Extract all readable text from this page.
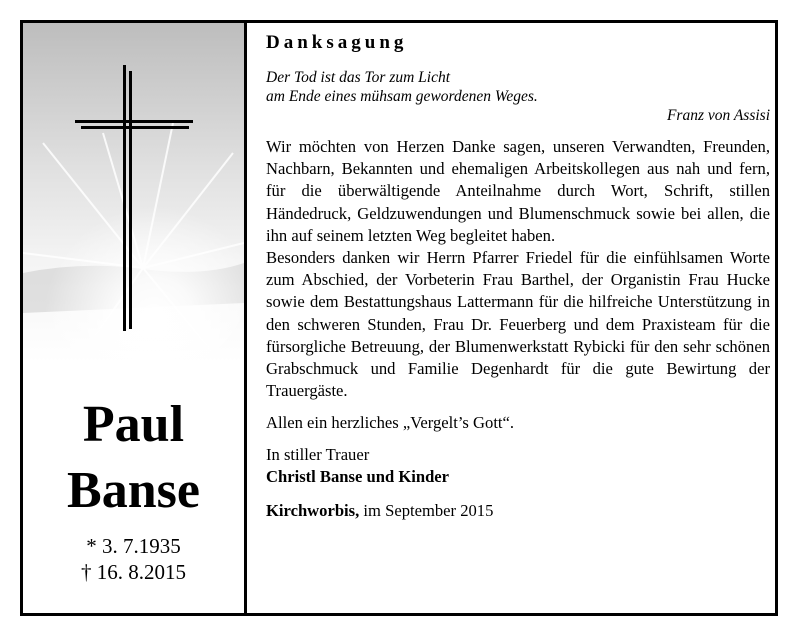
Paul
Banse
* 3. 7.1935
† 16. 8.2015
Danksagung
Der Tod ist das Tor zum Licht
am Ende eines mühsam gewordenen Weges.
Franz von Assisi

Wir möchten von Herzen Danke sagen, unseren Verwandten, Freunden, Nachbarn, Bekannten und ehemaligen Arbeitskollegen aus nah und fern, für die überwältigende Anteilnahme durch Wort, Schrift, stillen Händedruck, Geldzuwendungen und Blumenschmuck sowie bei allen, die ihn auf seinem letzten Weg begleitet haben.

Besonders danken wir Herrn Pfarrer Friedel für die einfühlsamen Worte zum Abschied, der Vorbeterin Frau Barthel, der Organistin Frau Hucke sowie dem Bestattungshaus Lattermann für die hilfreiche Unterstützung in den schweren Stunden, Frau Dr. Feuerberg und dem Praxisteam für die fürsorgliche Betreuung, der Blumenwerkstatt Rybicki für den sehr schönen Grabschmuck und Familie Degenhardt für die gute Bewirtung der Trauergäste.

Allen ein herzliches „Vergelt’s Gott“.
In stiller Trauer
Christl Banse und Kinder
Kirchworbis, im September 2015
